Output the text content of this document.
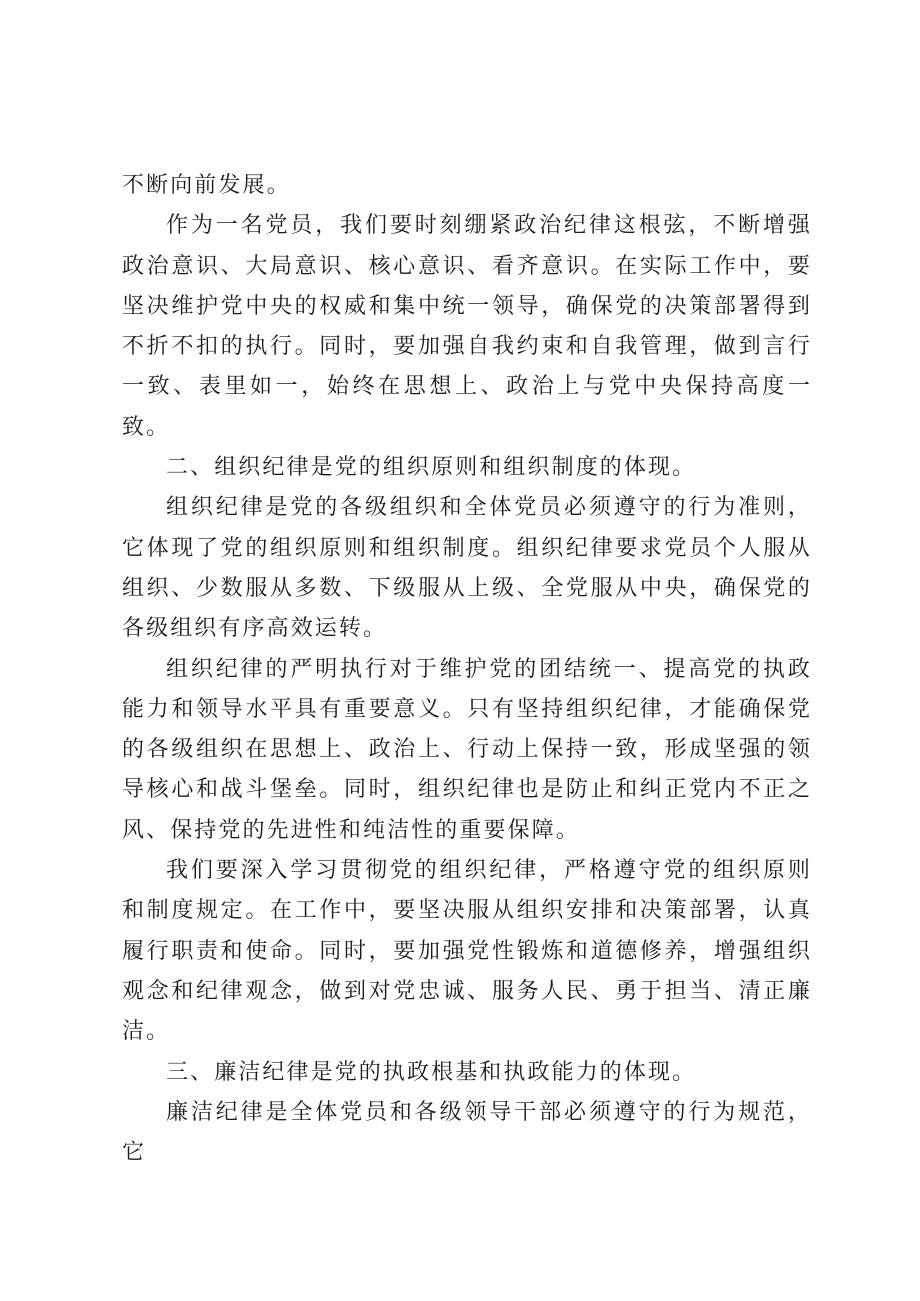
不断向前发展。

作为一名党员，我们要时刻绷紧政治纪律这根弦，不断增强政治意识、大局意识、核心意识、看齐意识。在实际工作中，要坚决维护党中央的权威和集中统一领导，确保党的决策部署得到不折不扣的执行。同时，要加强自我约束和自我管理，做到言行一致、表里如一，始终在思想上、政治上与党中央保持高度一致。

二、组织纪律是党的组织原则和组织制度的体现。

组织纪律是党的各级组织和全体党员必须遵守的行为准则，它体现了党的组织原则和组织制度。组织纪律要求党员个人服从组织、少数服从多数、下级服从上级、全党服从中央，确保党的各级组织有序高效运转。

组织纪律的严明执行对于维护党的团结统一、提高党的执政能力和领导水平具有重要意义。只有坚持组织纪律，才能确保党的各级组织在思想上、政治上、行动上保持一致，形成坚强的领导核心和战斗堡垒。同时，组织纪律也是防止和纠正党内不正之风、保持党的先进性和纯洁性的重要保障。

我们要深入学习贯彻党的组织纪律，严格遵守党的组织原则和制度规定。在工作中，要坚决服从组织安排和决策部署，认真履行职责和使命。同时，要加强党性锻炼和道德修养，增强组织观念和纪律观念，做到对党忠诚、服务人民、勇于担当、清正廉洁。

三、廉洁纪律是党的执政根基和执政能力的体现。

廉洁纪律是全体党员和各级领导干部必须遵守的行为规范，它
